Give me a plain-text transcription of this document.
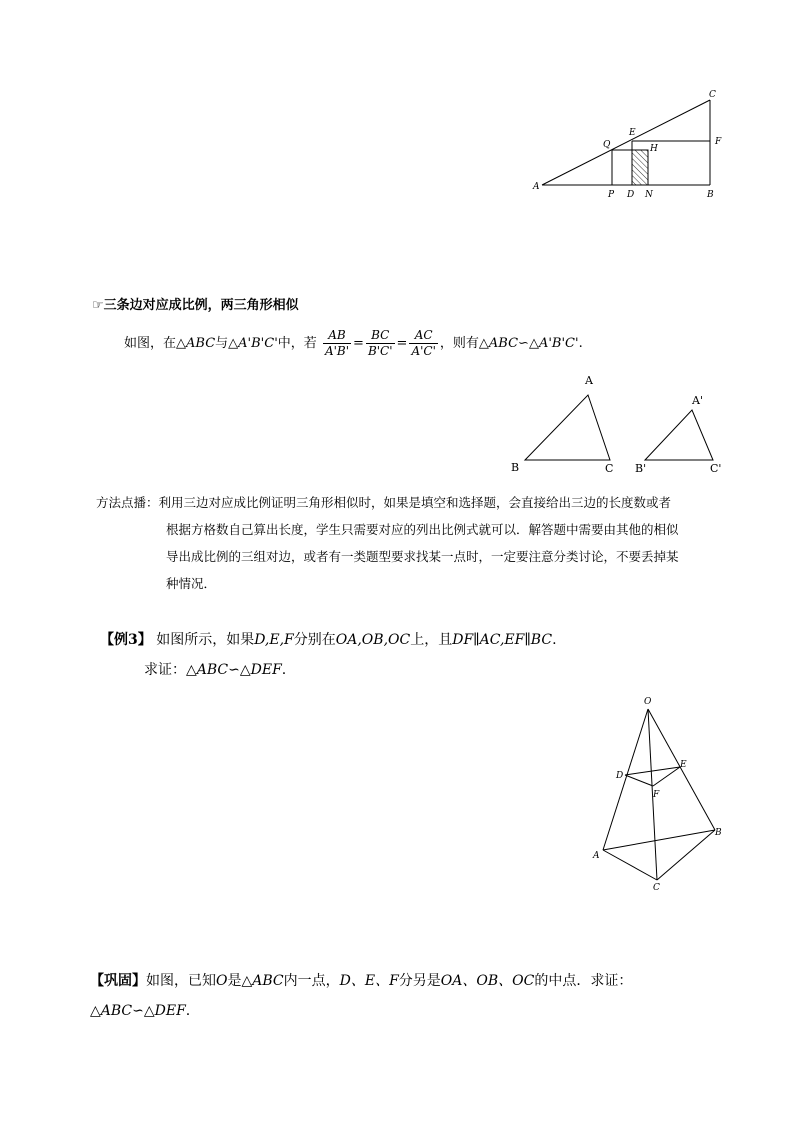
C
E
Q	H
F
A
P D N	B
☞三条边对应成比例，两三角形相似
如图，在△ABC与△A'B'C'中，若 $\frac{AB}{A'B'} = \frac{BC}{B'C'} = \frac{AC}{A'C'}$ ，则有△ABC∽△A'B'C'.
A
B	C
A'
B'	C'
方法点播：利用三边对应成比例证明三角形相似时，如果是填空和选择题，会直接给出三边的长度数或者
根据方格数自己算出长度，学生只需要对应的列出比例式就可以．解答题中需要由其他的相似
导出成比例的三组对边，或者有一类题型要求找某一点时，一定要注意分类讨论，不要丢掉某
种情况．
【例3】 如图所示，如果D,E,F分别在OA,OB,OC上，且DF∥AC,EF∥BC.
求证：△ABC∽△DEF.
O
D
E
F
A
B
C
【巩固】如图，已知O是△ABC内一点，D、E、F分另是OA、OB、OC的中点．求证：
△ABC∽△DEF.
